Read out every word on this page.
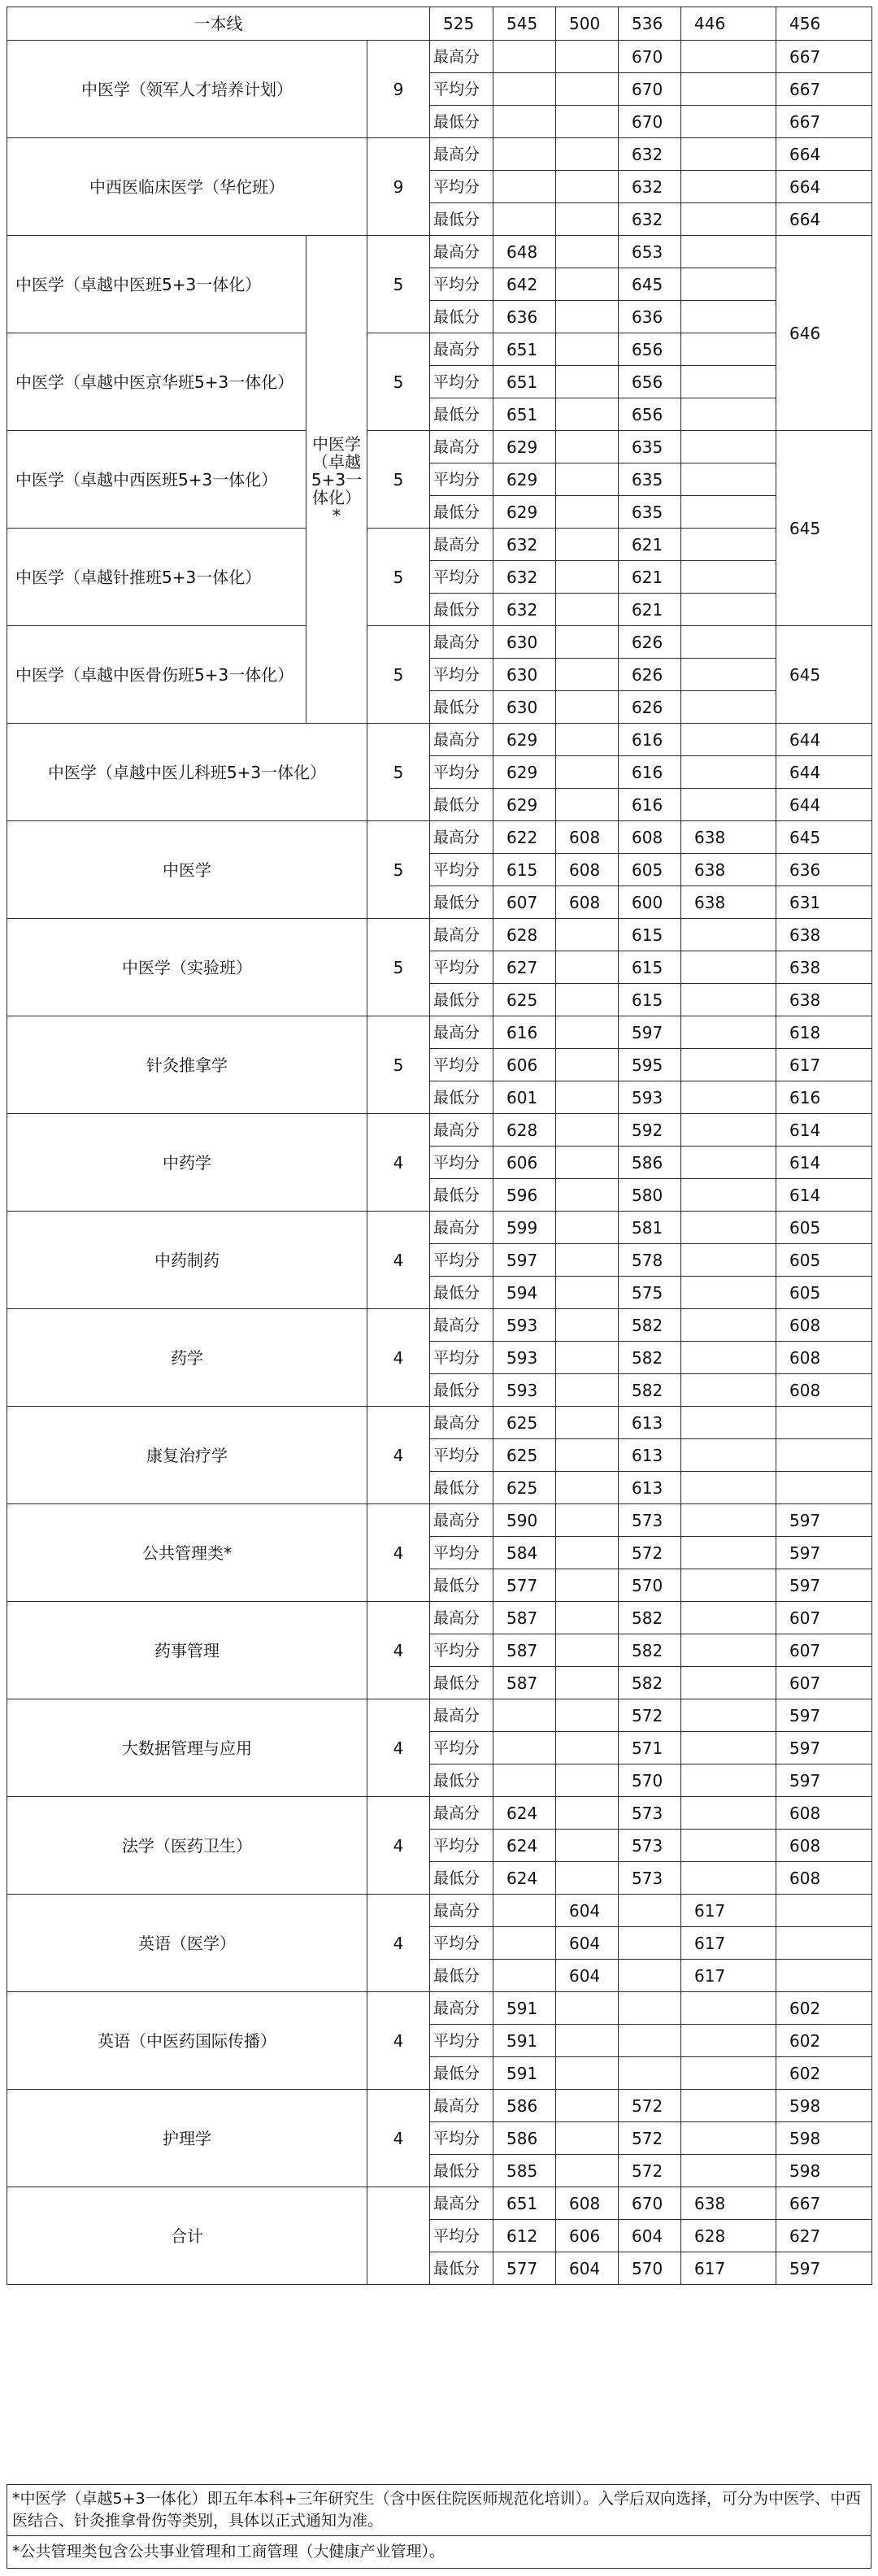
一本线			525	545	500	536	446	456	
中医学（领军人才培养计划）		9	最高分			670		667	
			平均分			670		667	
			最低分			670		667	
中西医临床医学（华佗班）		9	最高分			632		664	
			平均分			632		664	
			最低分			632		664	
中医学（卓越中医班5+3一体化）	中医学（卓越5+3一体化）*	5	最高分	648		653		646	
			平均分	642		645			
			最低分	636		636			
中医学（卓越中医京华班5+3一体化）		5	最高分	651		656			
			平均分	651		656			
			最低分	651		656			
中医学（卓越中西医班5+3一体化）		5	最高分	629		635		645	
			平均分	629		635			
			最低分	629		635			
中医学（卓越针推班5+3一体化）		5	最高分	632		621			
			平均分	632		621			
			最低分	632		621			
中医学（卓越中医骨伤班5+3一体化）		5	最高分	630		626		645	
			平均分	630		626			
			最低分	630		626			
中医学（卓越中医儿科班5+3一体化）		5	最高分	629		616		644	
			平均分	629		616		644	
			最低分	629		616		644	
中医学		5	最高分	622	608	608	638	645	
			平均分	615	608	605	638	636	
			最低分	607	608	600	638	631	
中医学（实验班）		5	最高分	628		615		638	
			平均分	627		615		638	
			最低分	625		615		638	
针灸推拿学		5	最高分	616		597		618	
			平均分	606		595		617	
			最低分	601		593		616	
中药学		4	最高分	628		592		614	
			平均分	606		586		614	
			最低分	596		580		614	
中药制药		4	最高分	599		581		605	
			平均分	597		578		605	
			最低分	594		575		605	
药学		4	最高分	593		582		608	
			平均分	593		582		608	
			最低分	593		582		608	
康复治疗学		4	最高分	625		613			
			平均分	625		613			
			最低分	625		613			
公共管理类*		4	最高分	590		573		597	
			平均分	584		572		597	
			最低分	577		570		597	
药事管理		4	最高分	587		582		607	
			平均分	587		582		607	
			最低分	587		582		607	
大数据管理与应用		4	最高分			572		597	
			平均分			571		597	
			最低分			570		597	
法学（医药卫生）		4	最高分	624		573		608	
			平均分	624		573		608	
			最低分	624		573		608	
英语（医学）		4	最高分		604		617		
			平均分		604		617		
			最低分		604		617		
英语（中医药国际传播）		4	最高分	591				602	
			平均分	591				602	
			最低分	591				602	
护理学		4	最高分	586		572		598	
			平均分	586		572		598	
			最低分	585		572		598	
合计			最高分	651	608	670	638	667	
			平均分	612	606	604	628	627	
			最低分	577	604	570	617	597	
*中医学（卓越5+3一体化）即五年本科+三年研究生（含中医住院医师规范化培训）。入学后双向选择，可分为中医学、中西医结合、针灸推拿骨伤等类别，具体以正式通知为准。
*公共管理类包含公共事业管理和工商管理（大健康产业管理）。
